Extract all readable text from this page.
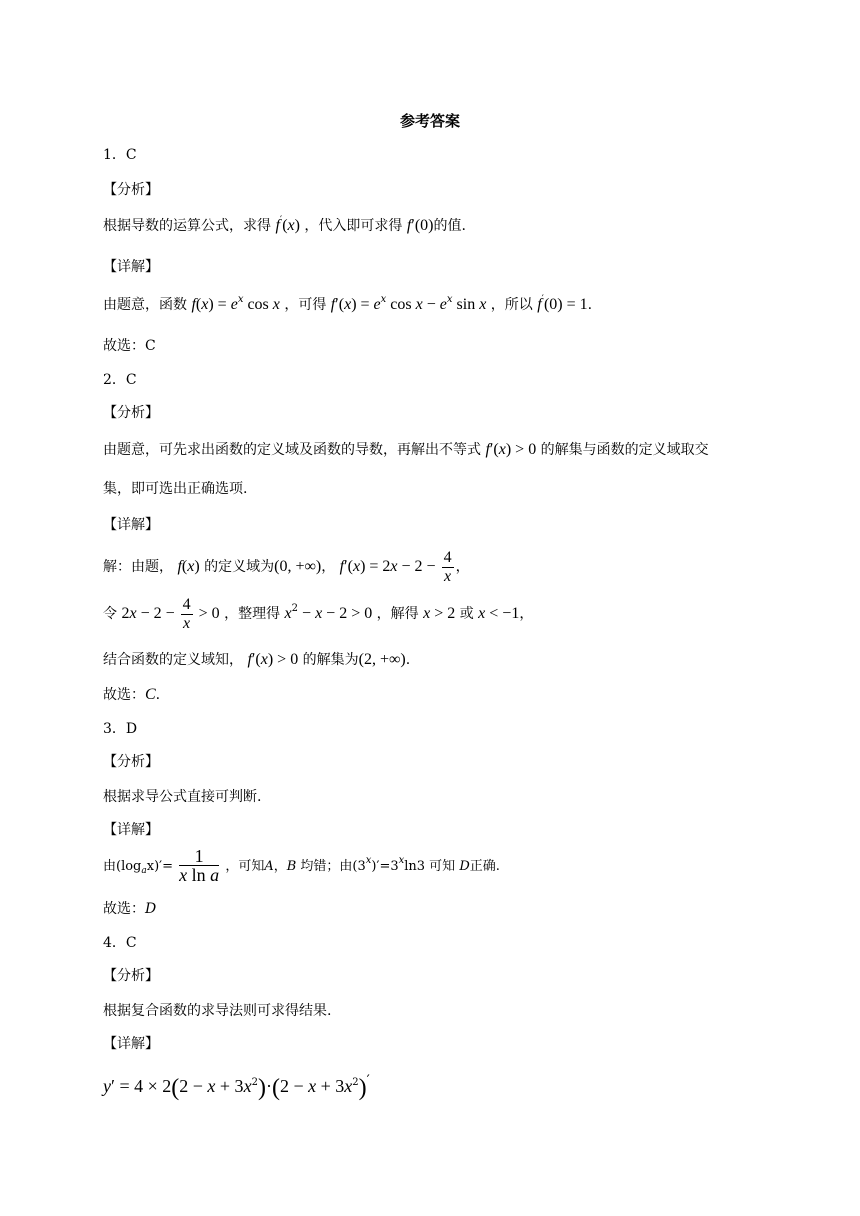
参考答案
1．C
【分析】
根据导数的运算公式，求得 f′(x) ，代入即可求得 f′(0)的值.
【详解】
由题意，函数 $f(x) = e^x$ cos x ，可得 $f'(x) = e^x$ $\cos x - e^x$ sin x ，所以 f′(0) = 1.
故选：C
2．C
【分析】
由题意，可先求出函数的定义域及函数的导数，再解出不等式 f′(x) > 0 的解集与函数的定义域取交
集，即可选出正确选项.
【详解】
解：由题， f(x) 的定义域为(0, +∞)， $f'(x) = 2x - 2 - \frac{4}{x}$ ，
令 $2x - 2 - \frac{4}{x} > 0$ ，整理得 $x^2 - x - 2 > 0$ ，解得 x > 2 或 x < −1，
结合函数的定义域知， f′(x) > 0 的解集为(2, +∞).
故选：C.
3．D
【分析】
根据求导公式直接可判断.
【详解】
由$(\log_ax)'= \frac{1}{\text{x ln a}}$ ，可知A，B 均错；由$(3^x)'=3^x\ln 3$ 可知 D正确.
故选：D
4．C
【分析】
根据复合函数的求导法则可求得结果.
【详解】
$y' = 4 \times 2(2 - x + 3x^2)\cdot(2 - x + 3x^2)'$
